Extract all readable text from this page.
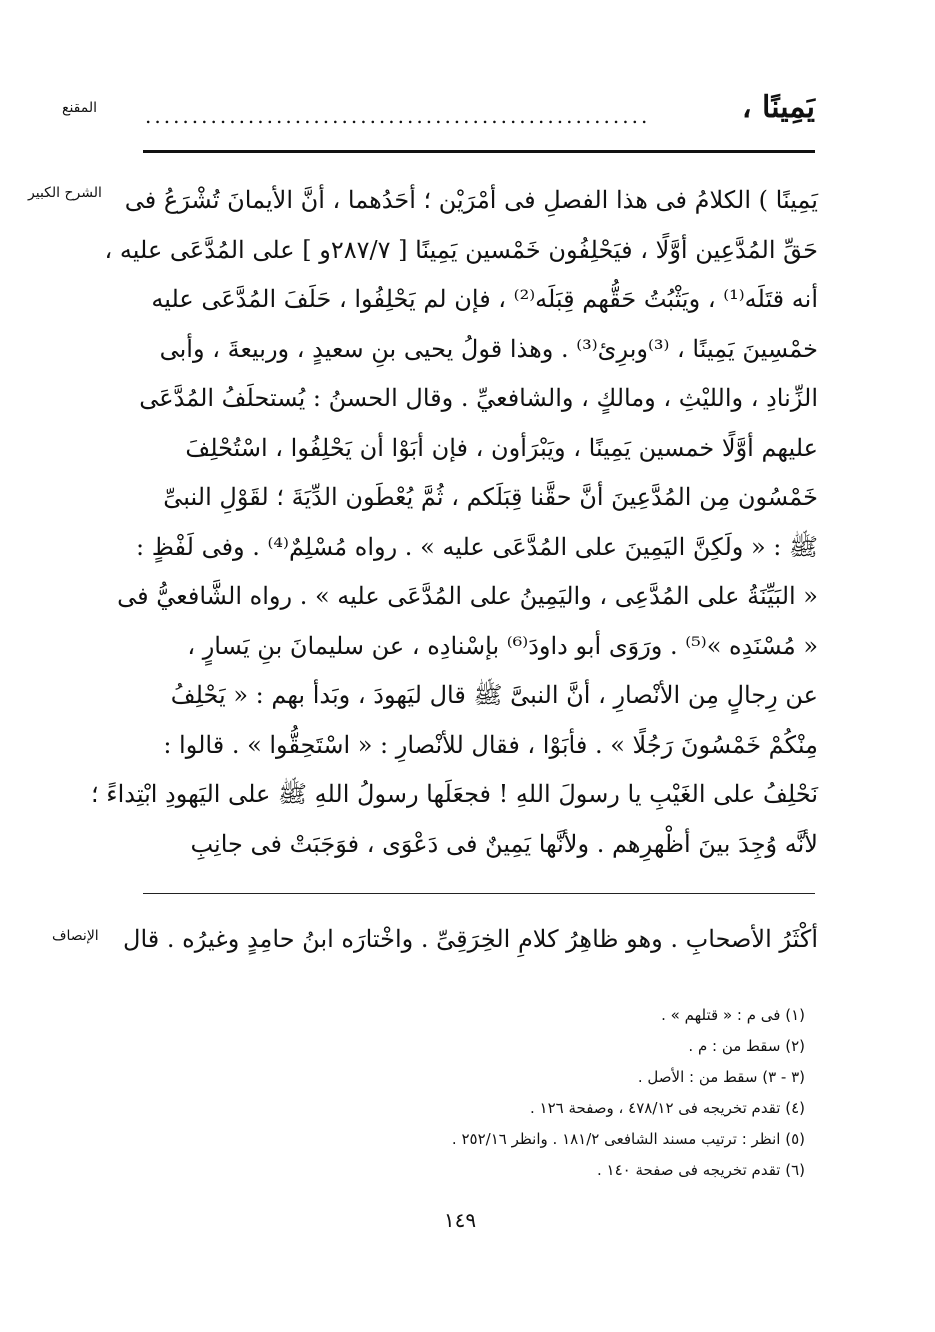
المقنع	......................................................	يَمِينًا ،
الشرح الكبير يَمِينًا ) الكلامُ فى هذا الفصلِ فى أمْرَيْن ؛ أحَدُهما ، أنَّ الأيمانَ تُشْرَعُ فى

حَقِّ المُدَّعِين أوَّلًا ، فيَحْلِفُون خَمْسين يَمِينًا [ ٢٨٧/٧و ] على المُدَّعَى عليه ،

أنه قتَلَه⁽¹⁾ ، ويَثْبُتُ حَقُّهم قِبَلَه⁽²⁾ ، فإن لم يَحْلِفُوا ، حَلَفَ المُدَّعَى عليه

خمْسِينَ يَمِينًا ، ⁽³⁾وبرِئ⁽³⁾ . وهذا قولُ يحيى بنِ سعيدٍ ، وربيعةَ ، وأبى

الزِّنادِ ، والليْثِ ، ومالكٍ ، والشافعيِّ . وقال الحسنُ : يُستحلَفُ المُدَّعَى

عليهم أوَّلًا خمسين يَمِينًا ، ويَبْرَأون ، فإن أبَوْا أن يَحْلِفُوا ، اسْتُحْلِفَ

خَمْسُون مِن المُدَّعِينَ أنَّ حقَّنا قِبَلَكم ، ثُمَّ يُعْطَون الدِّيَةَ ؛ لقَوْلِ النبىِّ

ﷺ : « ولَكِنَّ اليَمِينَ على المُدَّعَى عليه » . رواه مُسْلِمٌ⁽⁴⁾ . وفى لَفْظٍ :

« البَيِّنَةُ على المُدَّعِى ، واليَمِينُ على المُدَّعَى عليه » . رواه الشَّافعيُّ فى

« مُسْنَدِه »⁽⁵⁾ . ورَوَى أبو داودَ⁽⁶⁾ بإسْنادِه ، عن سليمانَ بنِ يَسارٍ ،

عن رِجالٍ مِن الأنْصارِ ، أنَّ النبىَّ ﷺ قال ليَهودَ ، وبَدأ بهم : « يَحْلِفُ

مِنْكُمْ خَمْسُونَ رَجُلًا » . فأبَوْا ، فقال للأنْصارِ : « اسْتَحِقُّوا » . قالوا :

نَحْلِفُ على الغَيْبِ يا رسولَ اللهِ ! فجعَلَها رسولُ اللهِ ﷺ على اليَهودِ ابْتِداءً ؛

لأنَّه وُجِدَ بينَ أظْهرِهم . ولأنَّها يَمِينٌ فى دَعْوَى ، فوَجَبَتْ فى جانِبِ

الإنصاف	أكْثَرُ الأصحابِ . وهو ظاهِرُ كلامِ الخِرَقِىِّ . واخْتارَه ابنُ حامِدٍ وغيرُه . قال
(١) فى م : « قتلهم » .
(٢) سقط من : م .
(٣ - ٣) سقط من : الأصل .
(٤) تقدم تخريجه فى ٤٧٨/١٢ ، وصفحة ١٢٦ .
(٥) انظر : ترتيب مسند الشافعى ١٨١/٢ . وانظر ٢٥٢/١٦ .
(٦) تقدم تخريجه فى صفحة ١٤٠ .
١٤٩
